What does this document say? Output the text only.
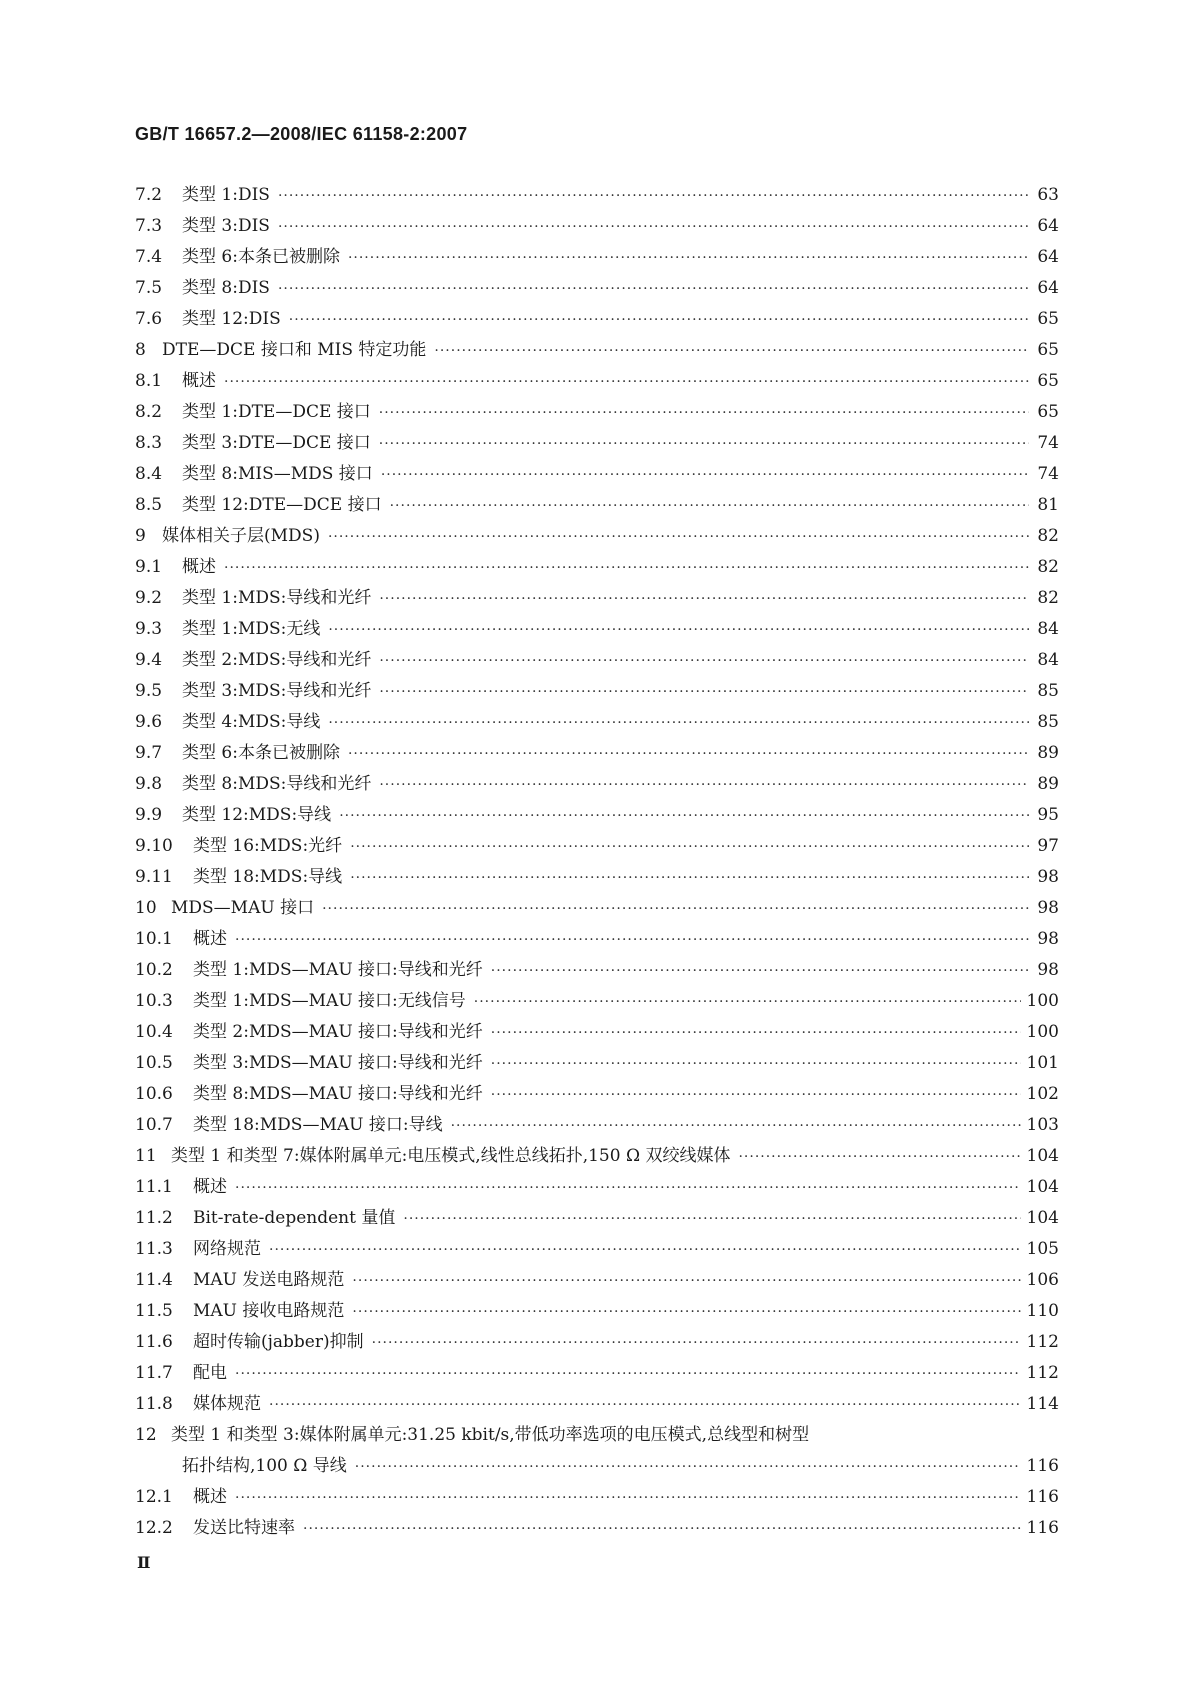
GB/T 16657.2—2008/IEC 61158-2:2007
7.2	类型 1:DIS ·····	63
7.3	类型 3:DIS ·····	64
7.4	类型 6:本条已被删除 ·····	64
7.5	类型 8:DIS ·····	64
7.6	类型 12:DIS ·····	65
8 DTE—DCE 接口和 MIS 特定功能 ·····	65
8.1	概述 ·····	65
8.2	类型 1:DTE—DCE 接口 ·····	65
8.3	类型 3:DTE—DCE 接口 ·····	74
8.4	类型 8:MIS—MDS 接口 ·····	74
8.5	类型 12:DTE—DCE 接口 ·····	81
9 媒体相关子层(MDS) ·····	82
9.1	概述 ·····	82
9.2	类型 1:MDS:导线和光纤 ·····	82
9.3	类型 1:MDS:无线 ·····	84
9.4	类型 2:MDS:导线和光纤 ·····	84
9.5	类型 3:MDS:导线和光纤 ·····	85
9.6	类型 4:MDS:导线 ·····	85
9.7	类型 6:本条已被删除 ·····	89
9.8	类型 8:MDS:导线和光纤 ·····	89
9.9	类型 12:MDS:导线 ·····	95
9.10	类型 16:MDS:光纤 ·····	97
9.11	类型 18:MDS:导线 ·····	98
10 MDS—MAU 接口 ·····	98
10.1	概述 ·····	98
10.2	类型 1:MDS—MAU 接口:导线和光纤 ·····	98
10.3	类型 1:MDS—MAU 接口:无线信号 ·····	100
10.4	类型 2:MDS—MAU 接口:导线和光纤 ·····	100
10.5	类型 3:MDS—MAU 接口:导线和光纤 ·····	101
10.6	类型 8:MDS—MAU 接口:导线和光纤 ·····	102
10.7	类型 18:MDS—MAU 接口:导线 ·····	103
11 类型 1 和类型 7:媒体附属单元:电压模式,线性总线拓扑,150 Ω 双绞线媒体 ·····	104
11.1	概述 ·····	104
11.2	Bit-rate-dependent 量值 ·····	104
11.3	网络规范 ·····	105
11.4	MAU 发送电路规范 ·····	106
11.5	MAU 接收电路规范 ·····	110
11.6	超时传输(jabber)抑制 ·····	112
11.7	配电 ·····	112
11.8	媒体规范 ·····	114
12 类型 1 和类型 3:媒体附属单元:31.25 kbit/s,带低功率选项的电压模式,总线型和树型
拓扑结构,100 Ω 导线 ·····	116
12.1	概述 ·····	116
12.2	发送比特速率 ·····	116
Ⅱ
